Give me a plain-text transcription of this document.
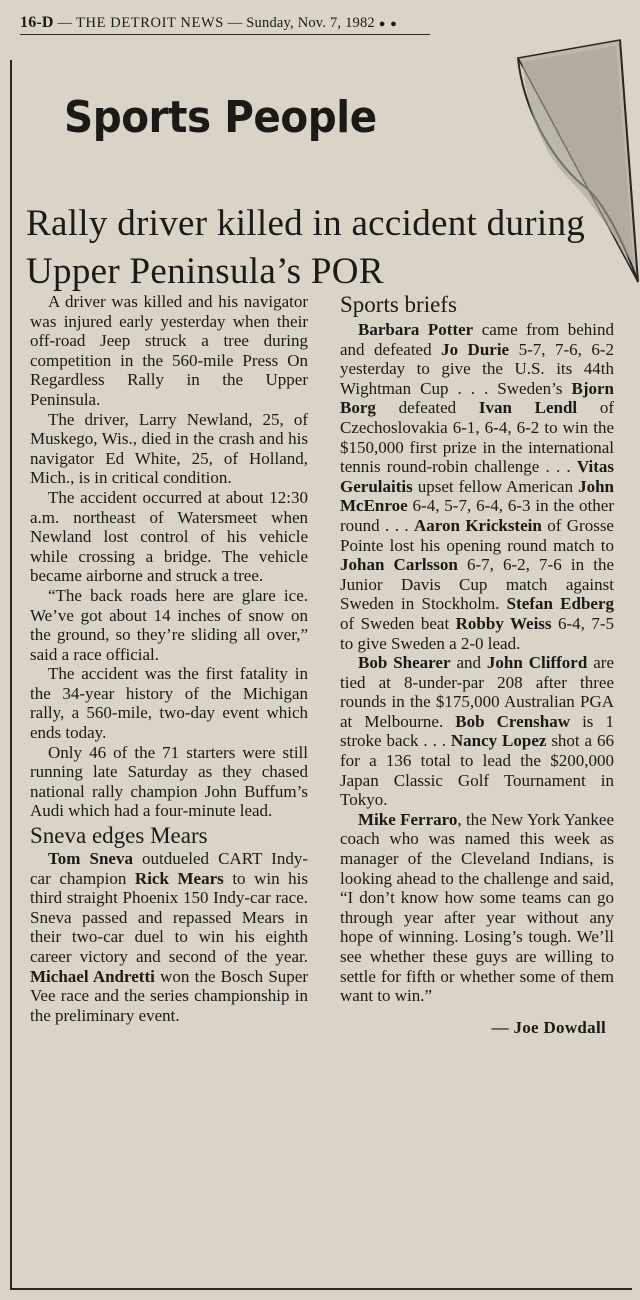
16-D — THE DETROIT NEWS — Sunday, Nov. 7, 1982 ● ●
Sports People
Rally driver killed in accident during Upper Peninsula’s POR

A driver was killed and his navigator was injured early yesterday when their off-road Jeep struck a tree during competition in the 560-mile Press On Regardless Rally in the Upper Peninsula.

The driver, Larry Newland, 25, of Muskego, Wis., died in the crash and his navigator Ed White, 25, of Holland, Mich., is in critical condition.

The accident occurred at about 12:30 a.m. northeast of Watersmeet when Newland lost control of his vehicle while crossing a bridge. The vehicle became airborne and struck a tree.

“The back roads here are glare ice. We’ve got about 14 inches of snow on the ground, so they’re sliding all over,” said a race official.

The accident was the first fatality in the 34-year history of the Michigan rally, a 560-mile, two-day event which ends today.

Only 46 of the 71 starters were still running late Saturday as they chased national rally champion John Buffum’s Audi which had a four-minute lead.

Sneva edges Mears

Tom Sneva outdueled CART Indy-car champion Rick Mears to win his third straight Phoenix 150 Indy-car race. Sneva passed and repassed Mears in their two-car duel to win his eighth career victory and second of the year. Michael Andretti won the Bosch Super Vee race and the series championship in the preliminary event.

Sports briefs

Barbara Potter came from behind and defeated Jo Durie 5-7, 7-6, 6-2 yesterday to give the U.S. its 44th Wightman Cup . . . Sweden’s Bjorn Borg defeated Ivan Lendl of Czechoslovakia 6-1, 6-4, 6-2 to win the $150,000 first prize in the international tennis round-robin challenge . . . Vitas Gerulaitis upset fellow American John McEnroe 6-4, 5-7, 6-4, 6-3 in the other round . . . Aaron Krickstein of Grosse Pointe lost his opening round match to Johan Carlsson 6-7, 6-2, 7-6 in the Junior Davis Cup match against Sweden in Stockholm. Stefan Edberg of Sweden beat Robby Weiss 6-4, 7-5 to give Sweden a 2-0 lead.

Bob Shearer and John Clifford are tied at 8-under-par 208 after three rounds in the $175,000 Australian PGA at Melbourne. Bob Crenshaw is 1 stroke back . . . Nancy Lopez shot a 66 for a 136 total to lead the $200,000 Japan Classic Golf Tournament in Tokyo.

Mike Ferraro, the New York Yankee coach who was named this week as manager of the Cleveland Indians, is looking ahead to the challenge and said, “I don’t know how some teams can go through year after year without any hope of winning. Losing’s tough. We’ll see whether these guys are willing to settle for fifth or whether some of them want to win.”

— Joe Dowdall
